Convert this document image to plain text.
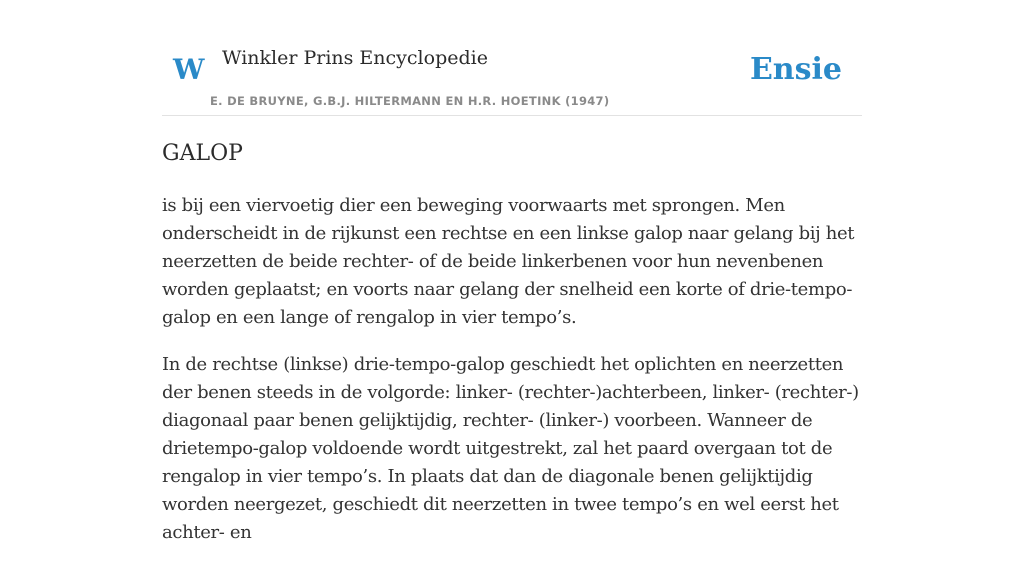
W Winkler Prins Encyclopedie	Ensie
E. DE BRUYNE, G.B.J. HILTERMANN EN H.R. HOETINK (1947)
GALOP

is bij een viervoetig dier een beweging voorwaarts met sprongen. Men onderscheidt in de rijkunst een rechtse en een linkse galop naar gelang bij het neerzetten de beide rechter- of de beide linkerbenen voor hun nevenbenen worden geplaatst; en voorts naar gelang der snelheid een korte of drie-tempo-galop en een lange of rengalop in vier tempo’s.

In de rechtse (linkse) drie-tempo-galop geschiedt het oplichten en neerzetten der benen steeds in de volgorde: linker- (rechter-)achterbeen, linker- (rechter-) diagonaal paar benen gelijktijdig, rechter- (linker-) voorbeen. Wanneer de drietempo-galop voldoende wordt uitgestrekt, zal het paard overgaan tot de rengalop in vier tempo’s. In plaats dat dan de diagonale benen gelijktijdig worden neergezet, geschiedt dit neerzetten in twee tempo’s en wel eerst het achter- en
